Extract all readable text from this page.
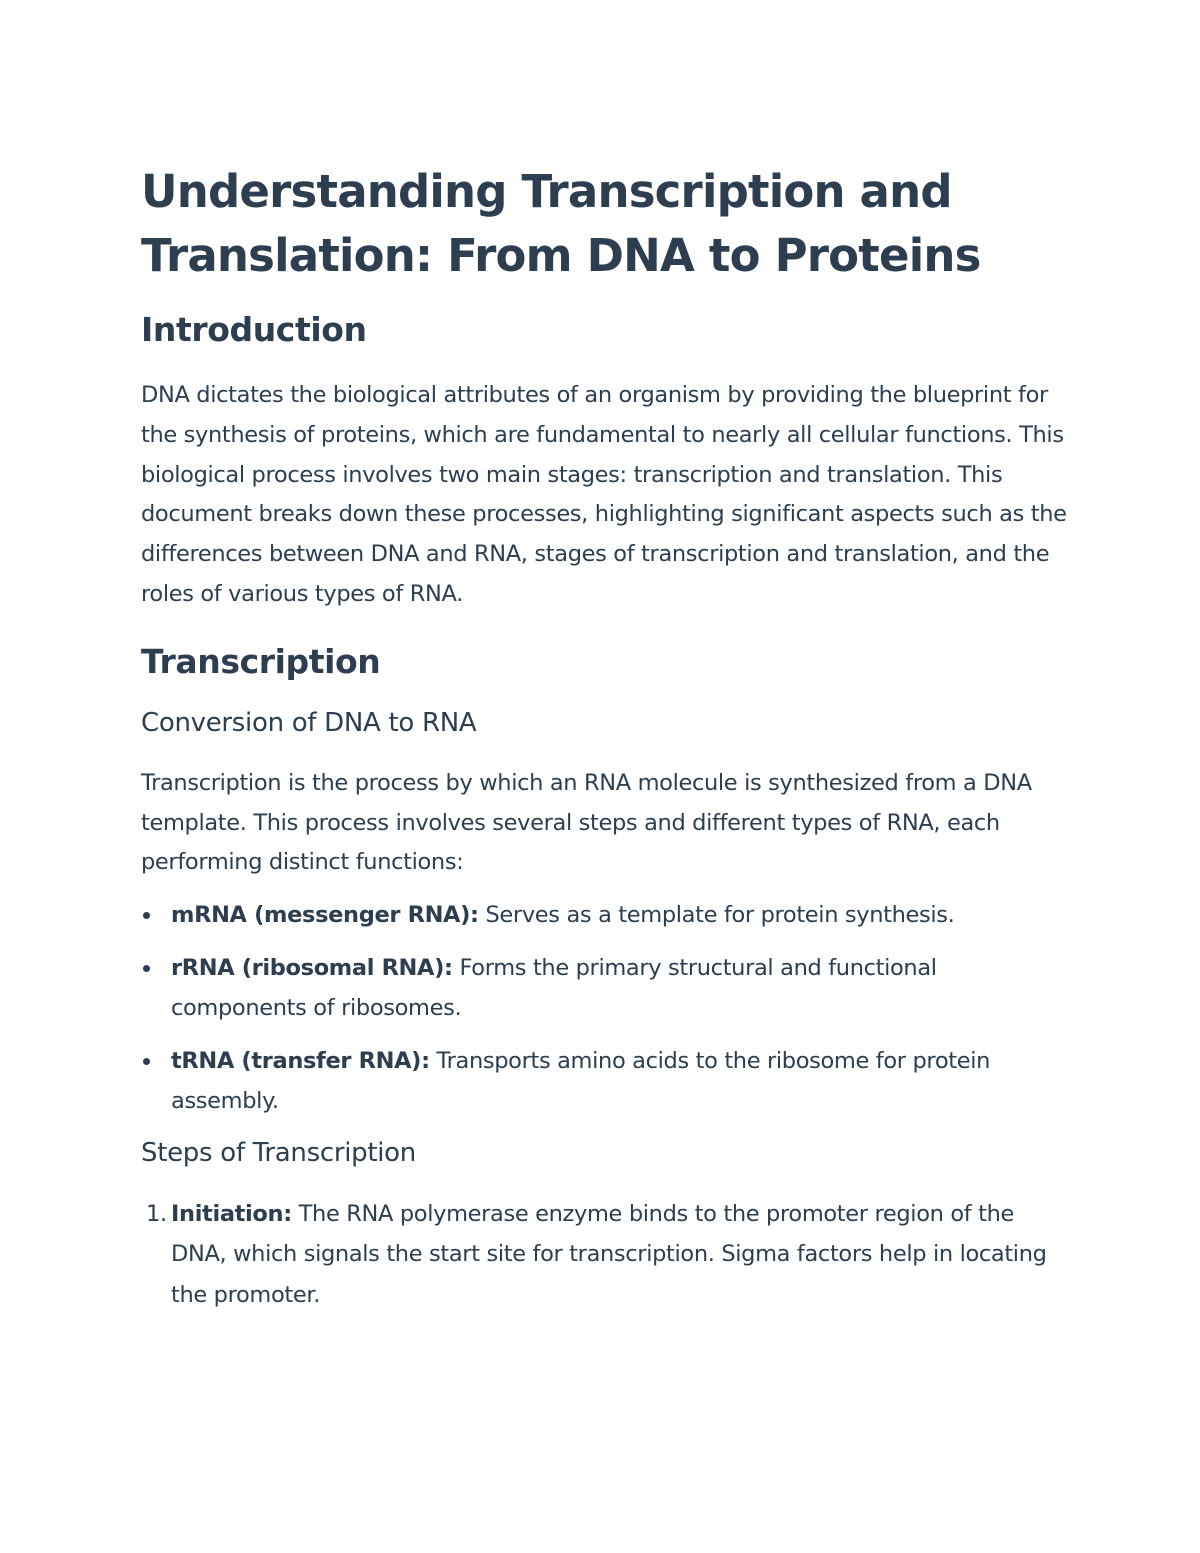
Understanding Transcription and Translation: From DNA to Proteins
Introduction

DNA dictates the biological attributes of an organism by providing the blueprint for the synthesis of proteins, which are fundamental to nearly all cellular functions. This biological process involves two main stages: transcription and translation. This document breaks down these processes, highlighting significant aspects such as the differences between DNA and RNA, stages of transcription and translation, and the roles of various types of RNA.

Transcription
Conversion of DNA to RNA

Transcription is the process by which an RNA molecule is synthesized from a DNA template. This process involves several steps and different types of RNA, each performing distinct functions:

mRNA (messenger RNA): Serves as a template for protein synthesis.
rRNA (ribosomal RNA): Forms the primary structural and functional components of ribosomes.
tRNA (transfer RNA): Transports amino acids to the ribosome for protein assembly.
Steps of Transcription
1. Initiation: The RNA polymerase enzyme binds to the promoter region of the DNA, which signals the start site for transcription. Sigma factors help in locating the promoter.
